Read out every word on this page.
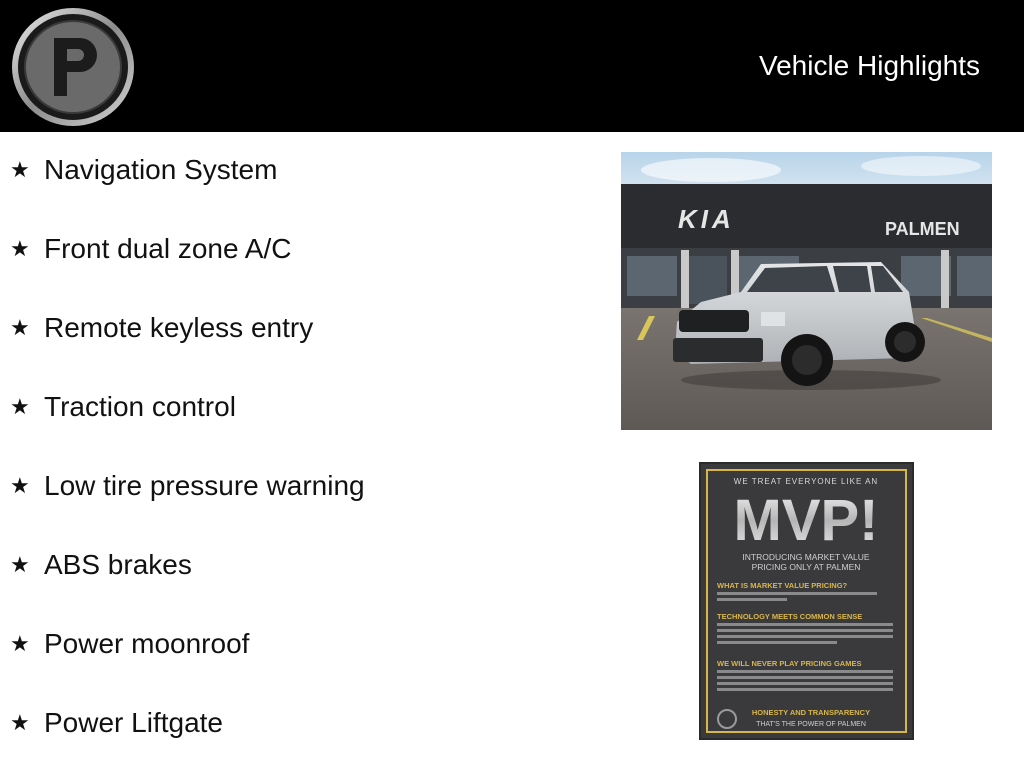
Vehicle Highlights
★ Navigation System
★ Front dual zone A/C
★ Remote keyless entry
★ Traction control
★ Low tire pressure warning
★ ABS brakes
★ Power moonroof
★ Power Liftgate
KIA	PALMEN
WE TREAT EVERYONE LIKE AN
MVP!
INTRODUCING MARKET VALUE
PRICING ONLY AT PALMEN
WHAT IS MARKET VALUE PRICING?
TECHNOLOGY MEETS COMMON SENSE
WE WILL NEVER PLAY PRICING GAMES
HONESTY AND TRANSPARENCY
THAT'S THE POWER OF PALMEN
